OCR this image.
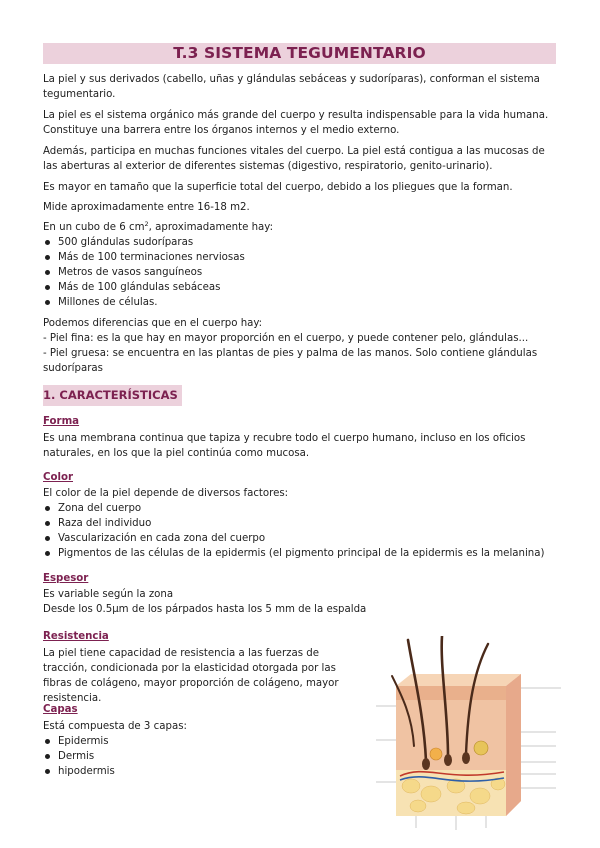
T.3 SISTEMA TEGUMENTARIO

La piel y sus derivados (cabello, uñas y glándulas sebáceas y sudoríparas), conforman el sistema tegumentario.

La piel es el sistema orgánico más grande del cuerpo y resulta indispensable para la vida humana. Constituye una barrera entre los órganos internos y el medio externo.

Además, participa en muchas funciones vitales del cuerpo. La piel está contigua a las mucosas de las aberturas al exterior de diferentes sistemas (digestivo, respiratorio, genito-urinario).

Es mayor en tamaño que la superficie total del cuerpo, debido a los pliegues que la forman.

Mide aproximadamente entre 16-18 m2.

En un cubo de 6 $cm^2$, aproximadamente hay:

500 glándulas sudoríparas
Más de 100 terminaciones nerviosas
Metros de vasos sanguíneos
Más de 100 glándulas sebáceas
Millones de células.

Podemos diferencias que en el cuerpo hay:

- Piel fina: es la que hay en mayor proporción en el cuerpo, y puede contener pelo, glándulas...

- Piel gruesa: se encuentra en las plantas de pies y palma de las manos. Solo contiene glándulas sudoríparas

1. CARACTERÍSTICAS
Forma

Es una membrana continua que tapiza y recubre todo el cuerpo humano, incluso en los oficios naturales, en los que la piel continúa como mucosa.

Color

El color de la piel depende de diversos factores:

Zona del cuerpo
Raza del individuo
Vascularización en cada zona del cuerpo
Pigmentos de las células de la epidermis (el pigmento principal de la epidermis es la melanina)
Espesor

Es variable según la zona

Desde los 0.5μm de los párpados hasta los 5 mm de la espalda

Resistencia

La piel tiene capacidad de resistencia a las fuerzas de tracción, condicionada por la elasticidad otorgada por las fibras de colágeno, mayor proporción de colágeno, mayor resistencia.

Capas

Está compuesta de 3 capas:

Epidermis
Dermis
hipodermis
